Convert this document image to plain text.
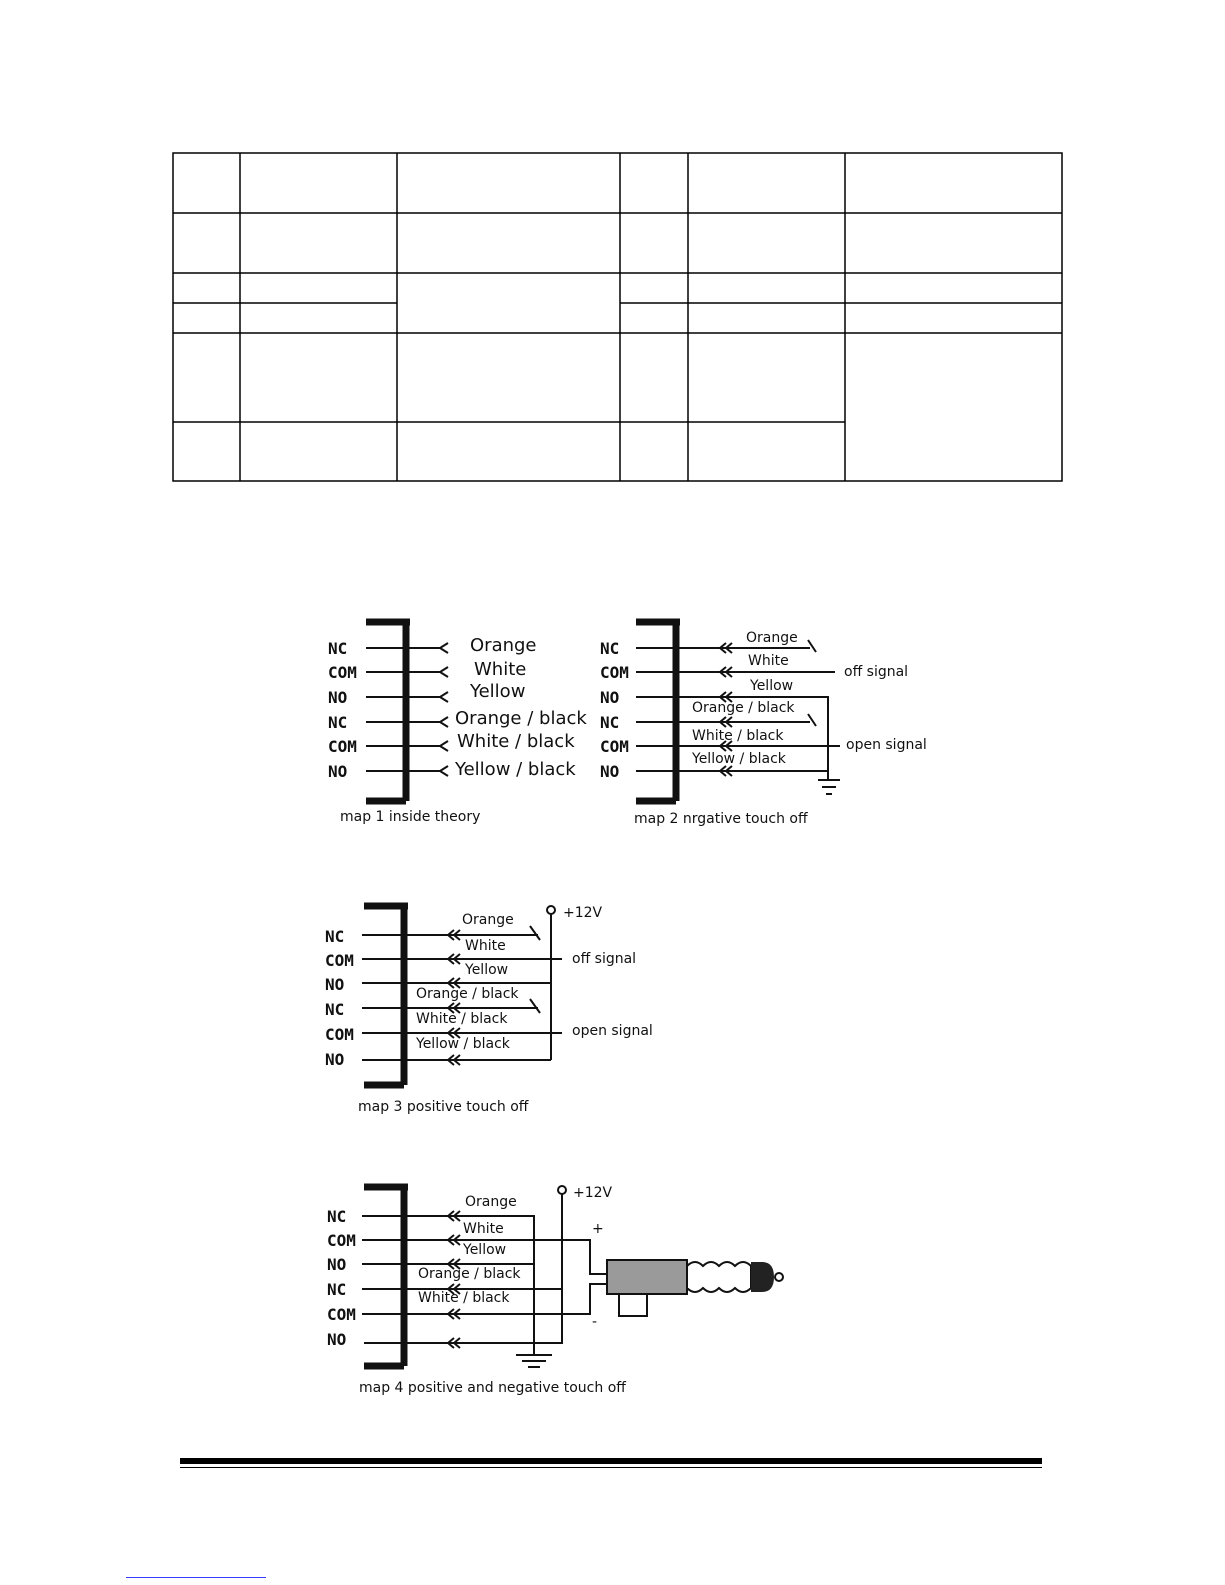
NC
COM
NO
NC
COM
NO
Orange
White
Yellow
Orange / black
White / black
Yellow / black
map 1 inside theory
NC
COM
NO
NC
COM
NO
Orange
White
Yellow
Orange / black
White / black
Yellow / black
off signal
open signal
map 2 nrgative touch off
NC
COM
NO
NC
COM
NO
+12V
Orange
White
Yellow
Orange / black
White / black
Yellow / black
off signal
open signal
map 3 positive touch off
NC
COM
NO
NC
COM
NO
+12V
+
-
Orange
White
Yellow
Orange / black
White / black
map 4 positive and negative touch off
